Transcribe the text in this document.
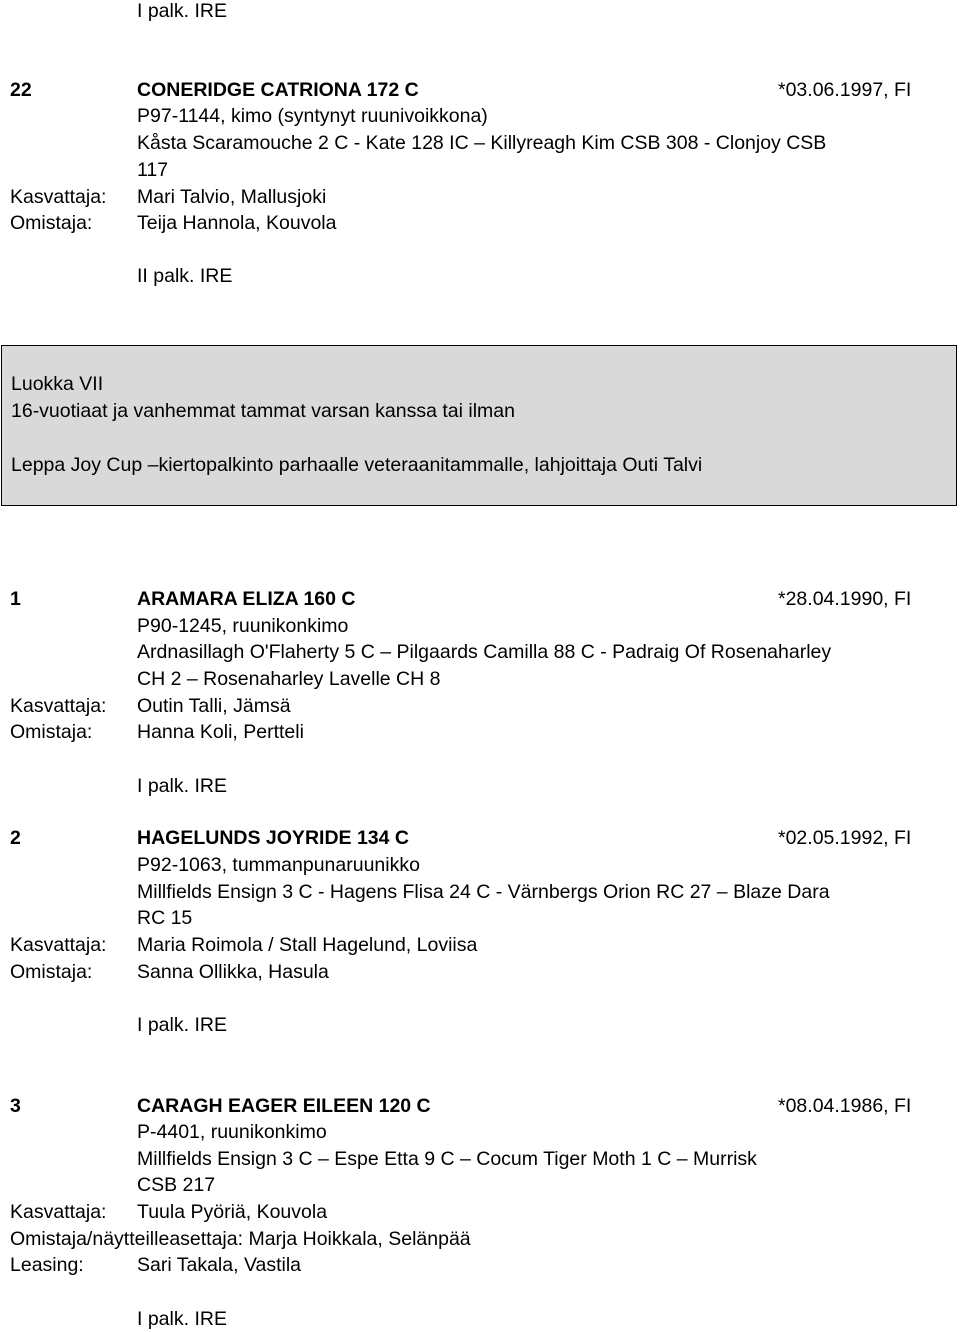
I palk. IRE
22	CONERIDGE CATRIONA 172 C	*03.06.1997, FI
P97-1144, kimo (syntynyt ruunivoikkona)
Kåsta Scaramouche 2 C - Kate 128 IC – Killyreagh Kim CSB 308 - Clonjoy CSB
117
Kasvattaja: Mari Talvio, Mallusjoki
Omistaja: Teija Hannola, Kouvola
II palk. IRE
Luokka VII
16-vuotiaat ja vanhemmat tammat varsan kanssa tai ilman
Leppa Joy Cup –kiertopalkinto parhaalle veteraanitammalle, lahjoittaja Outi Talvi
1	ARAMARA ELIZA 160 C	*28.04.1990, FI
P90-1245, ruunikonkimo
Ardnasillagh O'Flaherty 5 C – Pilgaards Camilla 88 C - Padraig Of Rosenaharley
CH 2 – Rosenaharley Lavelle CH 8
Kasvattaja: Outin Talli, Jämsä
Omistaja: Hanna Koli, Pertteli
I palk. IRE
2	HAGELUNDS JOYRIDE 134 C	*02.05.1992, FI
P92-1063, tummanpunaruunikko
Millfields Ensign 3 C - Hagens Flisa 24 C - Värnbergs Orion RC 27 – Blaze Dara
RC 15
Kasvattaja: Maria Roimola / Stall Hagelund, Loviisa
Omistaja: Sanna Ollikka, Hasula
I palk. IRE
3	CARAGH EAGER EILEEN 120 C	*08.04.1986, FI
P-4401, ruunikonkimo
Millfields Ensign 3 C – Espe Etta 9 C – Cocum Tiger Moth 1 C – Murrisk
CSB 217
Kasvattaja: Tuula Pyöriä, Kouvola
Omistaja/näytteilleasettaja: Marja Hoikkala, Selänpää
Leasing:	Sari Takala, Vastila
I palk. IRE
